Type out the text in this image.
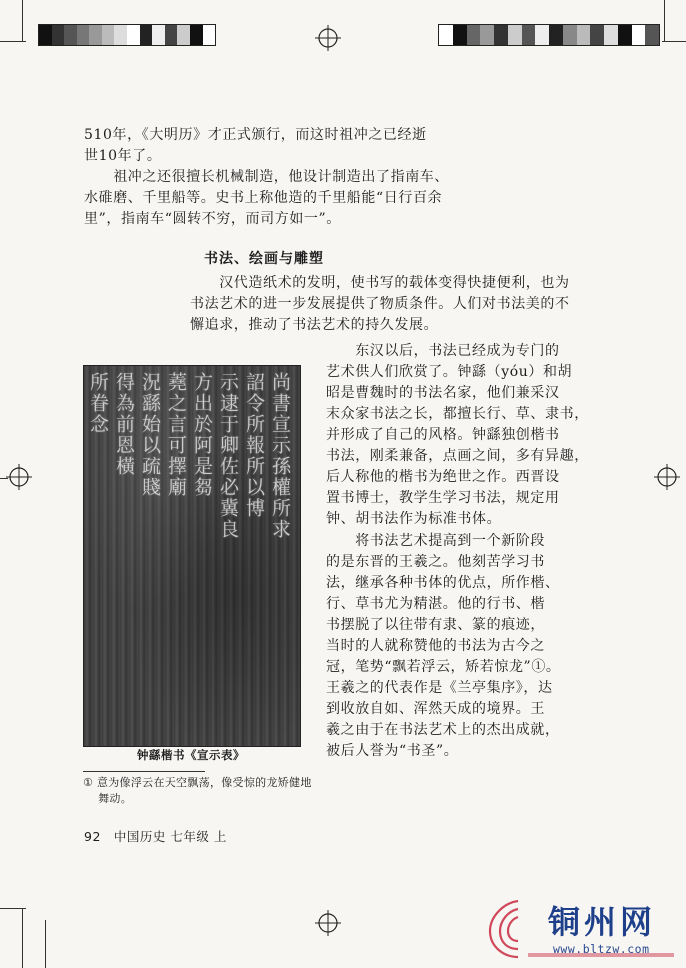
510年，《大明历》才正式颁行，而这时祖冲之已经逝
世10年了。
　　祖冲之还很擅长机械制造，他设计制造出了指南车、
水碓磨、千里船等。史书上称他造的千里船能“日行百余
里”，指南车“圆转不穷，而司方如一”。
书法、绘画与雕塑
　　汉代造纸术的发明，使书写的载体变得快捷便利，也为
书法艺术的进一步发展提供了物质条件。人们对书法美的不
懈追求，推动了书法艺术的持久发展。
　　东汉以后，书法已经成为专门的
艺术供人们欣赏了。钟繇（yóu）和胡
昭是曹魏时的书法名家，他们兼采汉
末众家书法之长，都擅长行、草、隶书，
并形成了自己的风格。钟繇独创楷书
书法，刚柔兼备，点画之间，多有异趣，
后人称他的楷书为绝世之作。西晋设
置书博士，教学生学习书法，规定用
钟、胡书法作为标准书体。
　　将书法艺术提高到一个新阶段
的是东晋的王羲之。他刻苦学习书
法，继承各种书体的优点，所作楷、
行、草书尤为精湛。他的行书、楷
书摆脱了以往带有隶、篆的痕迹，
当时的人就称赞他的书法为古今之
冠，笔势“飘若浮云，矫若惊龙”①。
王羲之的代表作是《兰亭集序》，达
到收放自如、浑然天成的境界。王
羲之由于在书法艺术上的杰出成就，
被后人誉为“书圣”。
尚書宣示孫權所求
詔令所報所以博
示逮于卿佐必冀良
方出於阿是芻
蕘之言可擇廟
況繇始以疏賤
得為前恩橫
所眷念
钟繇楷书《宣示表》
① 意为像浮云在天空飘荡，像受惊的龙矫健地
　 舞动。
92　中国历史 七年级 上
铜州网
www.bltzw.com
